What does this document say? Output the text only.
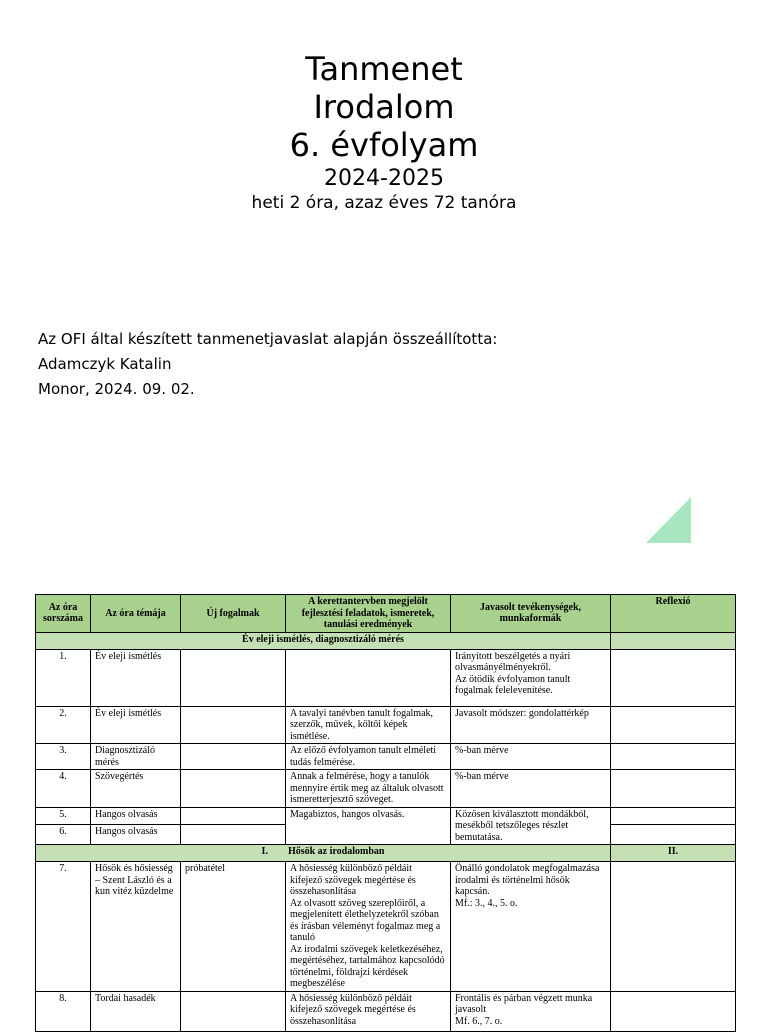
Tanmenet
Irodalom
6. évfolyam
2024-2025
heti 2 óra, azaz éves 72 tanóra
Az OFI által készített tanmenetjavaslat alapján összeállította:
Adamczyk Katalin
Monor, 2024. 09. 02.
Az óra sorszáma	Az óra témája	Új fogalmak	A kerettantervben megjelölt fejlesztési feladatok, ismeretek, tanulási eredmények	Javasolt tevékenységek, munkaformák	Reflexió
Év eleji ismétlés, diagnosztizáló mérés					
1.	Év eleji ismétlés			Irányított beszélgetés a nyári olvasmányélményekről.
Az ötödik évfolyamon tanult fogalmak felelevenítése.	
2.	Év eleji ismétlés		A tavalyi tanévben tanult fogalmak, szerzők, művek, költői képek ismétlése.	Javasolt módszer: gondolattérkép	
3.	Diagnosztizáló mérés		Az előző évfolyamon tanult elméleti tudás felmérése.	%-ban mérve	
4.	Szövegértés		Annak a felmérése, hogy a tanulók mennyire értik meg az általuk olvasott ismeretterjesztő szöveget.	%-ban mérve	
5.	Hangos olvasás		Magabiztos, hangos olvasás.	Közösen kiválasztott mondákból, mesékből tetszőleges részlet bemutatása.	
6.	Hangos olvasás				
I. Hősök az irodalomban					II.
7.	Hősök és hősiesség – Szent László és a kun vitéz küzdelme	próbatétel	A hősiesség különböző példáit kifejező szövegek megértése és összehasonlítása
Az olvasott szöveg szereplőiről, a megjelenített élethelyzetekről szóban és írásban véleményt fogalmaz meg a tanuló
Az irodalmi szövegek keletkezéséhez, megértéséhez, tartalmához kapcsolódó történelmi, földrajzi kérdések megbeszélése	Önálló gondolatok megfogalmazása irodalmi és történelmi hősök kapcsán.
Mf.: 3., 4., 5. o.	
8.	Tordai hasadék		A hősiesség különböző példáit kifejező szövegek megértése és összehasonlítása	Frontális és párban végzett munka javasolt
Mf. 6., 7. o.	
